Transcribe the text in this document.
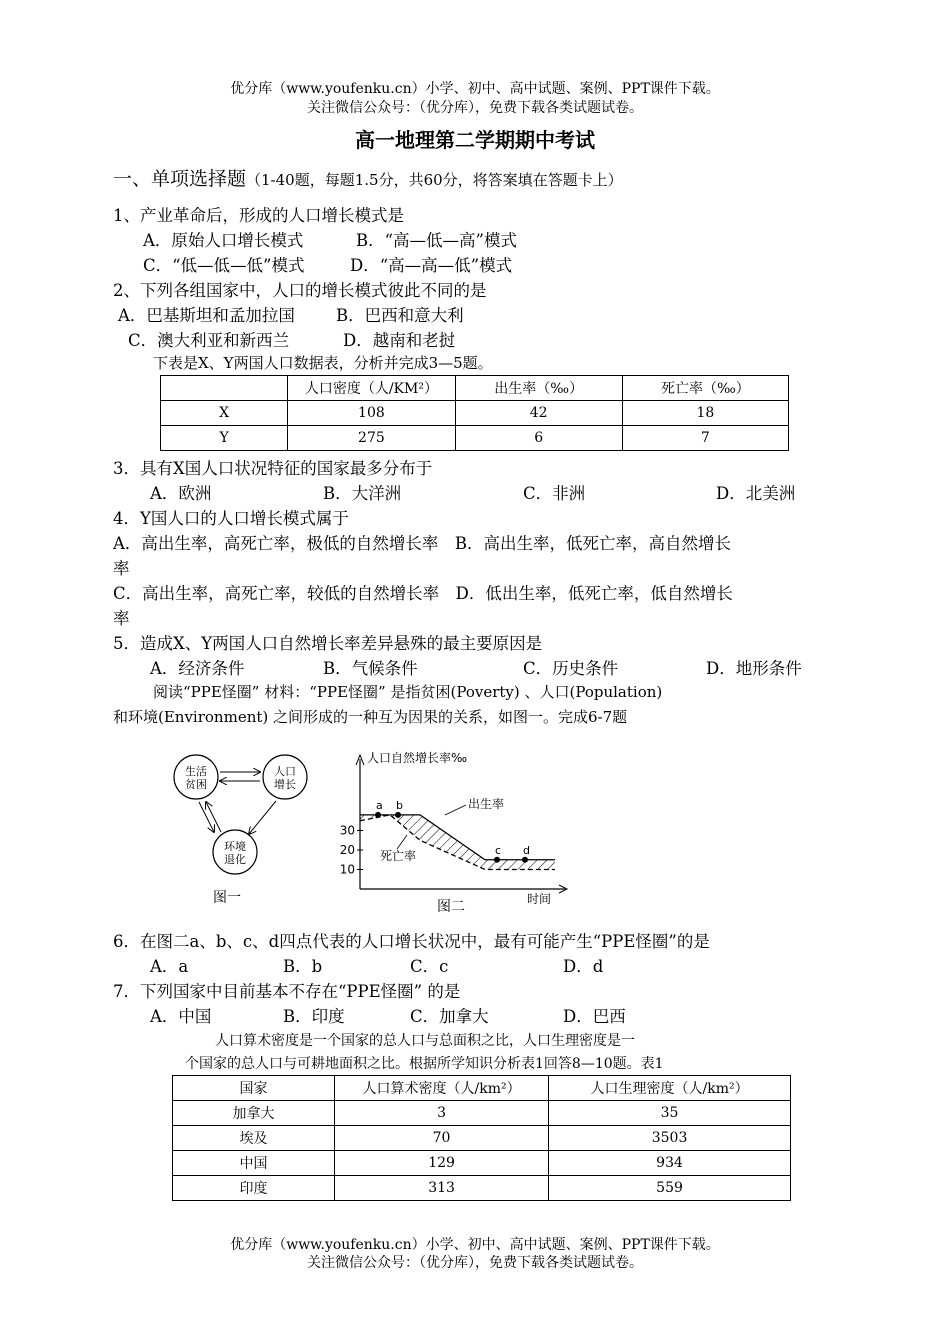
优分库（www.youfenku.cn）小学、初中、高中试题、案例、PPT课件下载。
关注微信公众号：（优分库），免费下载各类试题试卷。
高一地理第二学期期中考试
一、单项选择题（1-40题，每题1.5分，共60分，将答案填在答题卡上）
1、产业革命后，形成的人口增长模式是
A．原始人口增长模式	B．“高—低—高”模式
C．“低—低—低”模式	D．“高—高—低”模式
2、下列各组国家中，人口的增长模式彼此不同的是
A．巴基斯坦和孟加拉国 B．巴西和意大利
C．澳大利亚和新西兰	D．越南和老挝
下表是X、Y两国人口数据表，分析并完成3—5题。
	人口密度（人/KM²）	出生率（‰）	死亡率（‰）
X	108	42	18
Y	275	6	7
3．具有X国人口状况特征的国家最多分布于
A．欧洲	B．大洋洲	C．非洲	D．北美洲
4．Y国人口的人口增长模式属于
A．高出生率，高死亡率，极低的自然增长率　B．高出生率，低死亡率，高自然增长
率
C．高出生率，高死亡率，较低的自然增长率　D．低出生率，低死亡率，低自然增长
率
5．造成X、Y两国人口自然增长率差异悬殊的最主要原因是
A．经济条件	B．气候条件	C．历史条件	D．地形条件
阅读“PPE怪圈” 材料：“PPE怪圈” 是指贫困(Poverty) 、人口(Population)
和环境(Environment) 之间形成的一种互为因果的关系，如图一。完成6-7题
生活
贫困
人口
增长
环境
退化
图一
a b
c d
30
20
10
人口自然增长率‰
时间
出生率
死亡率
图二
6．在图二a、b、c、d四点代表的人口增长状况中，最有可能产生“PPE怪圈”的是
A．a	B．b	C．c	D．d
7．下列国家中目前基本不存在“PPE怪圈” 的是
A．中国	B．印度	C．加拿大	D．巴西
人口算术密度是一个国家的总人口与总面积之比，人口生理密度是一
个国家的总人口与可耕地面积之比。根据所学知识分析表1回答8—10题。表1
国家	人口算术密度（人/km²）	人口生理密度（人/km²）
加拿大	3	35
埃及	70	3503
中国	129	934
印度	313	559
优分库（www.youfenku.cn）小学、初中、高中试题、案例、PPT课件下载。
关注微信公众号：（优分库），免费下载各类试题试卷。
